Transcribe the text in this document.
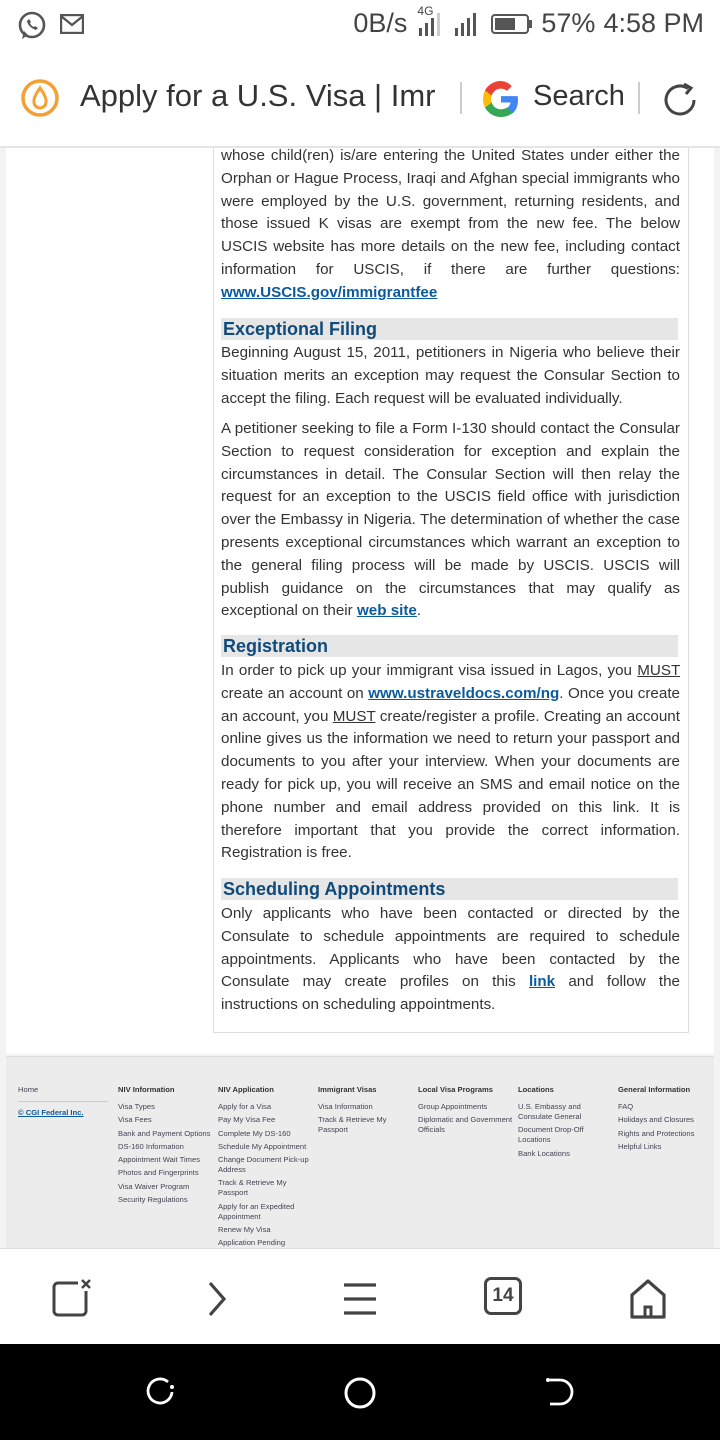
0B/s 4G	57% 4:58 PM
Apply for a U.S. Visa | Imr	Search

whose child(ren) is/are entering the United States under either the Orphan or Hague Process, Iraqi and Afghan special immigrants who were employed by the U.S. government, returning residents, and those issued K visas are exempt from the new fee. The below USCIS website has more details on the new fee, including contact information for USCIS, if there are further questions: www.USCIS.gov/immigrantfee

Exceptional Filing

Beginning August 15, 2011, petitioners in Nigeria who believe their situation merits an exception may request the Consular Section to accept the filing. Each request will be evaluated individually.

A petitioner seeking to file a Form I-130 should contact the Consular Section to request consideration for exception and explain the circumstances in detail. The Consular Section will then relay the request for an exception to the USCIS field office with jurisdiction over the Embassy in Nigeria. The determination of whether the case presents exceptional circumstances which warrant an exception to the general filing process will be made by USCIS. USCIS will publish guidance on the circumstances that may qualify as exceptional on their web site.

Registration

In order to pick up your immigrant visa issued in Lagos, you MUST create an account on www.ustraveldocs.com/ng. Once you create an account, you MUST create/register a profile. Creating an account online gives us the information we need to return your passport and documents to you after your interview. When your documents are ready for pick up, you will receive an SMS and email notice on the phone number and email address provided on this link. It is therefore important that you provide the correct information. Registration is free.

Scheduling Appointments

Only applicants who have been contacted or directed by the Consulate to schedule appointments are required to schedule appointments. Applicants who have been contacted by the Consulate may create profiles on this link and follow the instructions on scheduling appointments.

Home
© CGI Federal Inc.
NIV Information
Visa Types
Visa Fees
Bank and Payment Options
DS-160 Information
Appointment Wait Times
Photos and Fingerprints
Visa Waiver Program
Security Regulations
NIV Application
Apply for a Visa
Pay My Visa Fee
Complete My DS-160
Schedule My Appointment
Change Document Pick-up Address
Track & Retrieve My Passport
Apply for an Expedited Appointment
Renew My Visa
Application Pending
Immigrant Visas
Visa Information
Track & Retrieve My Passport
Local Visa Programs
Group Appointments
Diplomatic and Government Officials
Locations
U.S. Embassy and Consulate General
Document Drop-Off Locations
Bank Locations
General Information
FAQ
Holidays and Closures
Rights and Protections
Helpful Links
14
